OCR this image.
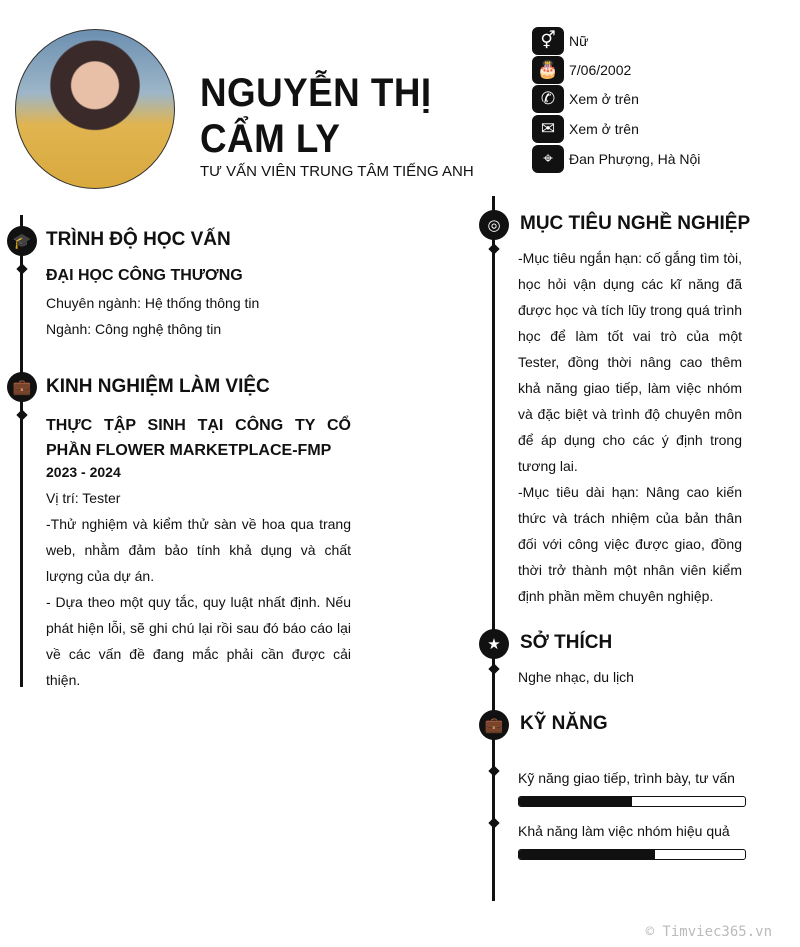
NGUYỄN THỊ
CẨM LY
TƯ VẤN VIÊN TRUNG TÂM TIẾNG ANH
⚥ Nữ
🎂 7/06/2002
✆ Xem ở trên
✉ Xem ở trên
⌖	Đan Phượng, Hà Nội
🎓 TRÌNH ĐỘ HỌC VẤN
ĐẠI HỌC CÔNG THƯƠNG
Chuyên ngành: Hệ thống thông tin
Ngành: Công nghệ thông tin
💼 KINH NGHIỆM LÀM VIỆC
THỰC TẬP SINH TẠI CÔNG TY CỔ PHẦN FLOWER MARKETPLACE-FMP
2023 - 2024
Vị trí: Tester
-Thử nghiệm và kiểm thử sàn về hoa qua trang web, nhằm đảm bảo tính khả dụng và chất lượng của dự án.
- Dựa theo một quy tắc, quy luật nhất định. Nếu phát hiện lỗi, sẽ ghi chú lại rồi sau đó báo cáo lại về các vấn đề đang mắc phải cần được cải thiện.
◎	MỤC TIÊU NGHỀ NGHIỆP
-Mục tiêu ngắn hạn: cố gắng tìm tòi, học hỏi vận dụng các kĩ năng đã được học và tích lũy trong quá trình học để làm tốt vai trò của một Tester, đồng thời nâng cao thêm khả năng giao tiếp, làm việc nhóm và đặc biệt và trình độ chuyên môn để áp dụng cho các ý định trong tương lai.
-Mục tiêu dài hạn: Nâng cao kiến thức và trách nhiệm của bản thân đối với công việc được giao, đồng thời trở thành một nhân viên kiểm định phần mềm chuyên nghiệp.
★	SỞ THÍCH
Nghe nhạc, du lịch
💼 KỸ NĂNG
Kỹ năng giao tiếp, trình bày, tư vấn
Khả năng làm việc nhóm hiệu quả
© Timviec365.vn
